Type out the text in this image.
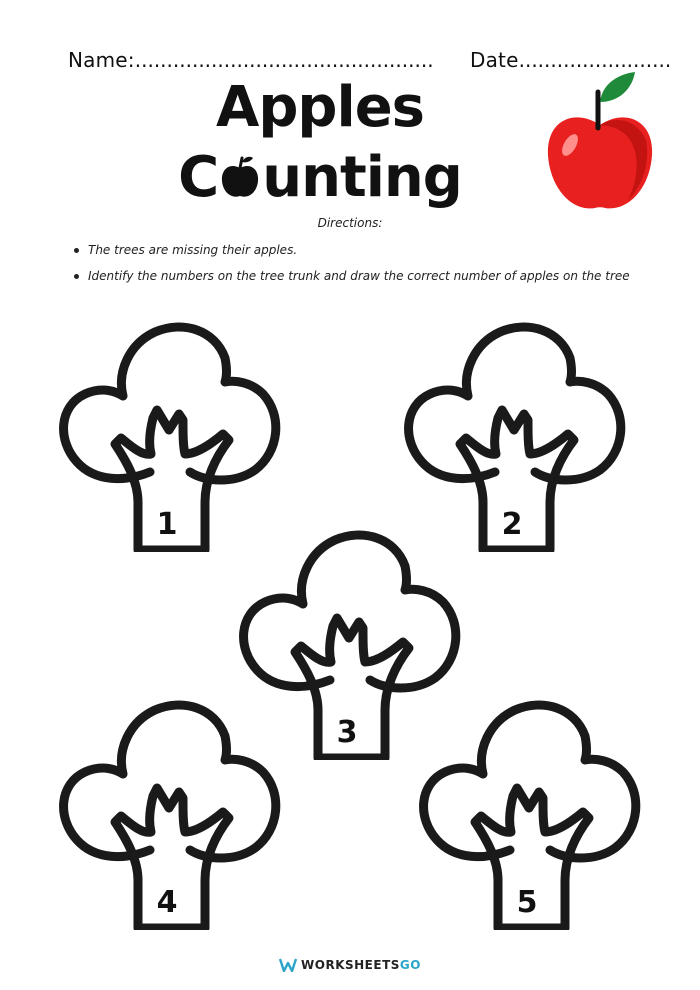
Name:............................................... Date........................
Apples
C unting
Directions:
The trees are missing their apples.
Identify the numbers on the tree trunk and draw the correct number of apples on the tree
1	2
3
4	5
WORKSHEETSGO
